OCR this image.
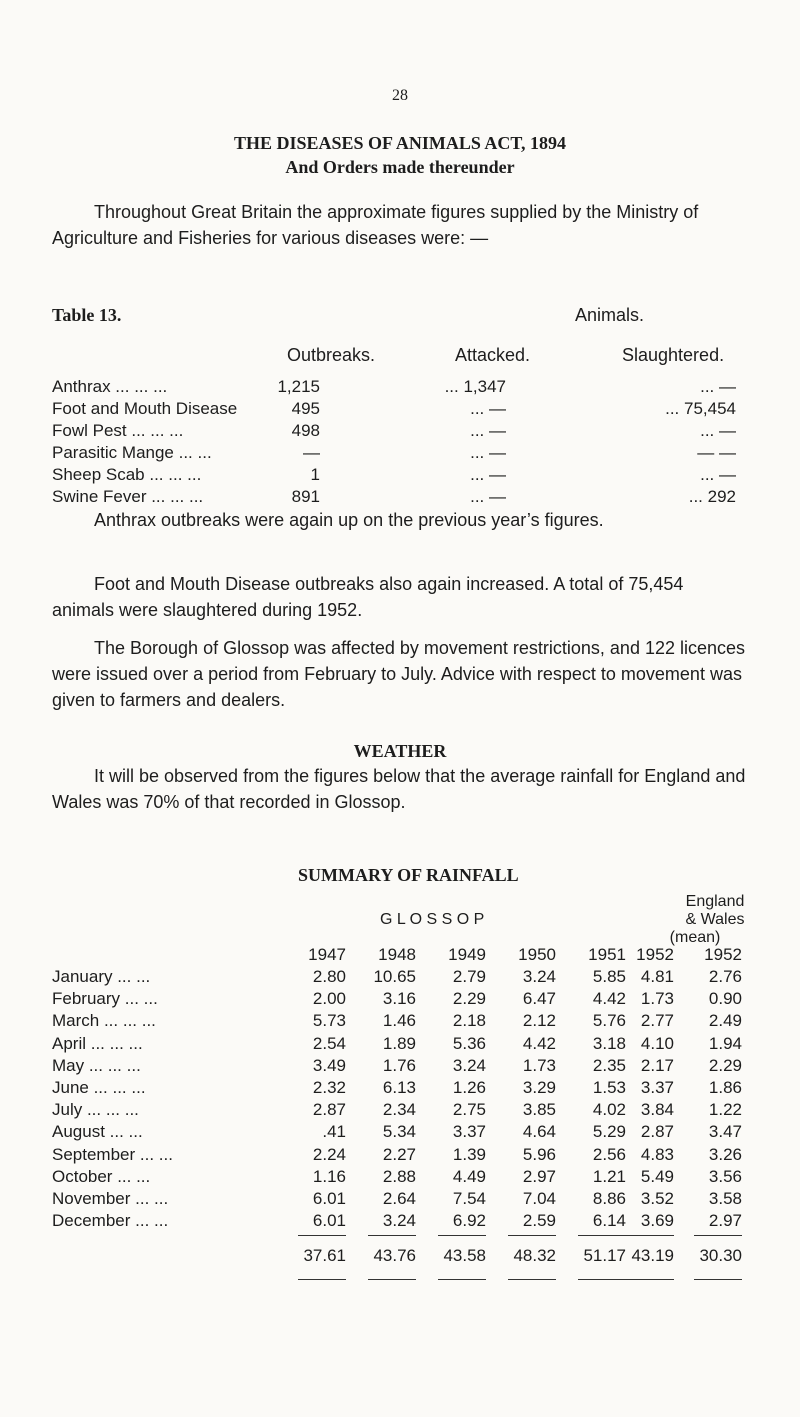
28
THE DISEASES OF ANIMALS ACT, 1894
And Orders made thereunder
Throughout Great Britain the approximate figures supplied by the Ministry of Agriculture and Fisheries for various diseases were: —
Table 13.	Animals.
Outbreaks.	Attacked.	Slaughtered.
Anthrax ... ... ...	1,215	... 1,347	... —
Foot and Mouth Disease	495	... —	... 75,454
Fowl Pest ... ... ...	498	... —	... —
Parasitic Mange ... ...	—	... —	— —
Sheep Scab ... ... ...	1	... —	... —
Swine Fever ... ... ...	891	... —	... 292
Anthrax outbreaks were again up on the previous year’s figures.
Foot and Mouth Disease outbreaks also again increased. A total of 75,454 animals were slaughtered during 1952.
The Borough of Glossop was affected by movement restrictions, and 122 licences were issued over a period from February to July. Advice with respect to movement was given to farmers and dealers.
WEATHER
It will be observed from the figures below that the average rainfall for England and Wales was 70% of that recorded in Glossop.
SUMMARY OF RAINFALL
G L O S S O P
England
& Wales
(mean)
1947	1948	1949	1950	1951 1952	1952
January ... ...	2.80	10.65	2.79	3.24	5.85 4.81	2.76
February ... ...	2.00	3.16	2.29	6.47	4.42 1.73	0.90
March ... ... ...	5.73	1.46	2.18	2.12	5.76 2.77	2.49
April ... ... ...	2.54	1.89	5.36	4.42	3.18 4.10	1.94
May ... ... ...	3.49	1.76	3.24	1.73	2.35 2.17	2.29
June ... ... ...	2.32	6.13	1.26	3.29	1.53 3.37	1.86
July ... ... ...	2.87	2.34	2.75	3.85	4.02 3.84	1.22
August ... ...	.41	5.34	3.37	4.64	5.29 2.87	3.47
September ... ...	2.24	2.27	1.39	5.96	2.56 4.83	3.26
October ... ...	1.16	2.88	4.49	2.97	1.21 5.49	3.56
November ... ...	6.01	2.64	7.54	7.04	8.86 3.52	3.58
December ... ...	6.01	3.24	6.92	2.59	6.14 3.69	2.97
37.61	43.76	43.58	48.32	51.17 43.19	30.30
